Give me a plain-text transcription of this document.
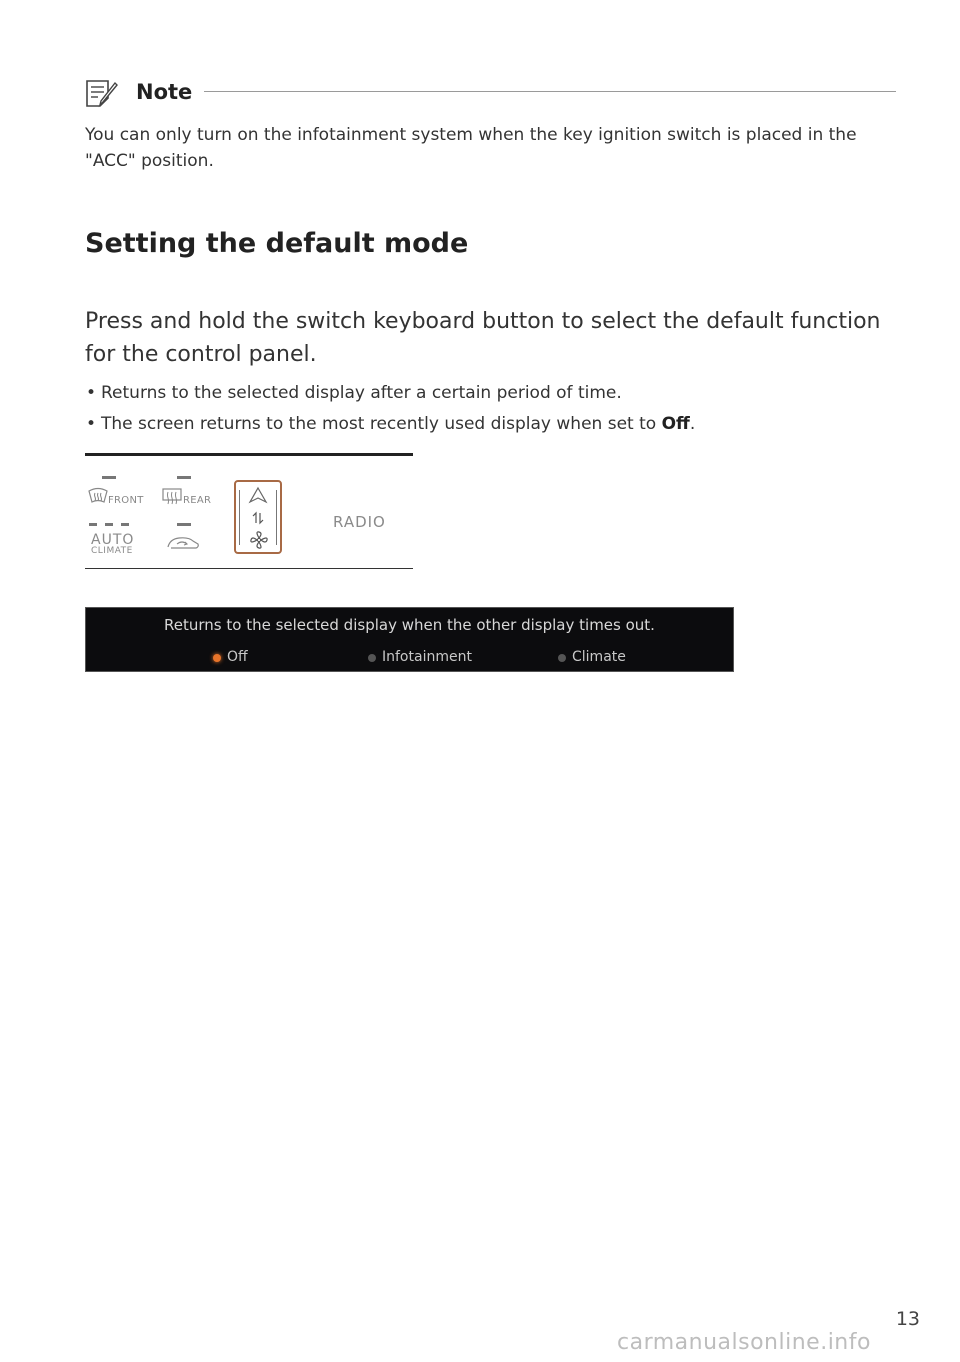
Note

You can only turn on the infotainment system when the key ignition switch is placed in the "ACC" position.

Setting the default mode

Press and hold the switch keyboard button to select the default function for the control panel.

• Returns to the selected display after a certain period of time.
• The screen returns to the most recently used display when set to Off.
FRONT	REAR
AUTO
CLIMATE
RADIO
Returns to the selected display when the other display times out.
Off	Infotainment	Climate
13
carmanualsonline.info
